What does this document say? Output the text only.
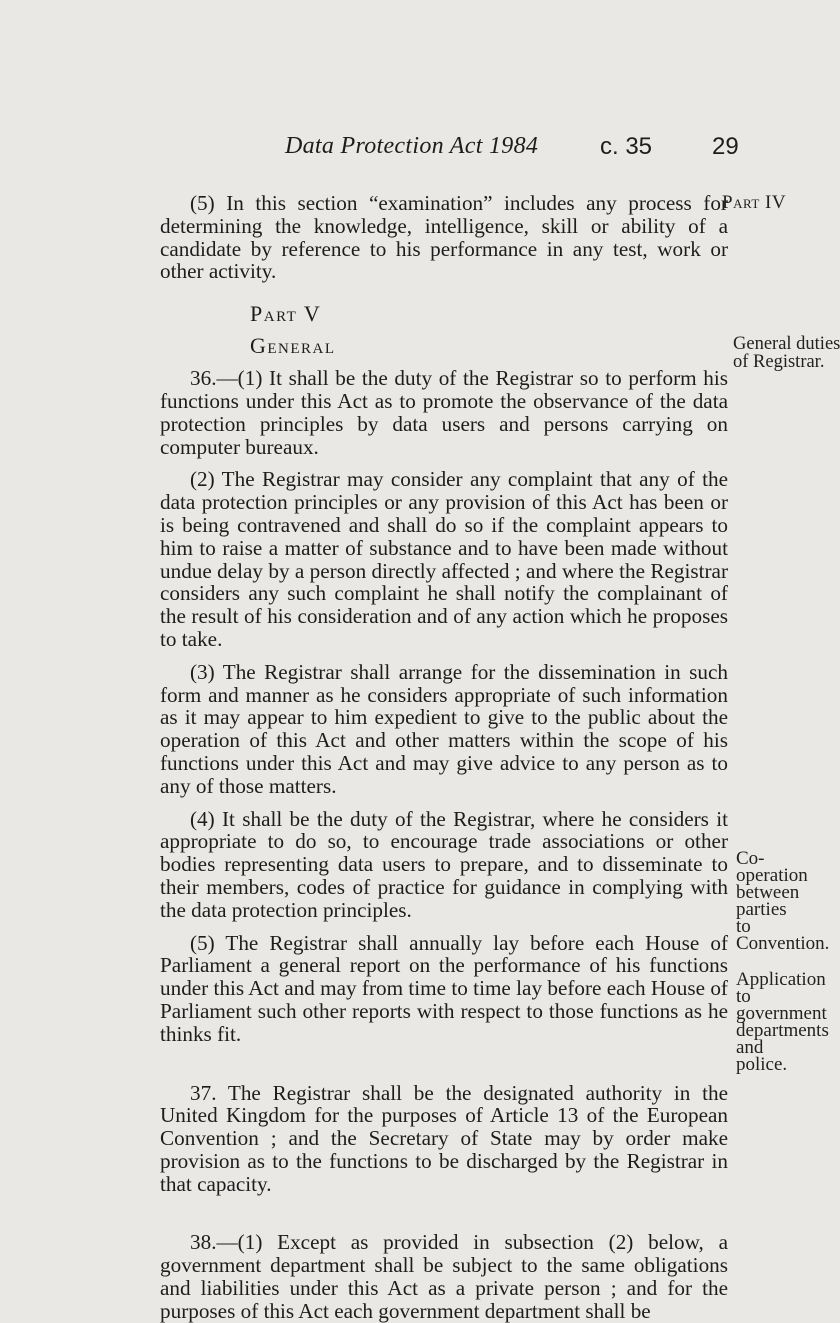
Data Protection Act 1984	c. 35 29
Part IV
General duties
of Registrar.
Co-operation
between
parties to
Convention.
Application
to government
departments
and police.

(5) In this section “examination” includes any process for determining the knowledge, intelligence, skill or ability of a candidate by reference to his performance in any test, work or other activity.

Part V
General

36.—(1) It shall be the duty of the Registrar so to perform his functions under this Act as to promote the observance of the data protection principles by data users and persons carrying on computer bureaux.

(2) The Registrar may consider any complaint that any of the data protection principles or any provision of this Act has been or is being contravened and shall do so if the complaint appears to him to raise a matter of substance and to have been made without undue delay by a person directly affected ; and where the Registrar considers any such complaint he shall notify the complainant of the result of his consideration and of any action which he proposes to take.

(3) The Registrar shall arrange for the dissemination in such form and manner as he considers appropriate of such information as it may appear to him expedient to give to the public about the operation of this Act and other matters within the scope of his functions under this Act and may give advice to any person as to any of those matters.

(4) It shall be the duty of the Registrar, where he considers it appropriate to do so, to encourage trade associations or other bodies representing data users to prepare, and to disseminate to their members, codes of practice for guidance in complying with the data protection principles.

(5) The Registrar shall annually lay before each House of Parliament a general report on the performance of his functions under this Act and may from time to time lay before each House of Parliament such other reports with respect to those functions as he thinks fit.

37. The Registrar shall be the designated authority in the United Kingdom for the purposes of Article 13 of the European Convention ; and the Secretary of State may by order make provision as to the functions to be discharged by the Registrar in that capacity.

38.—(1) Except as provided in subsection (2) below, a government department shall be subject to the same obligations and liabilities under this Act as a private person ; and for the purposes of this Act each government department shall be
